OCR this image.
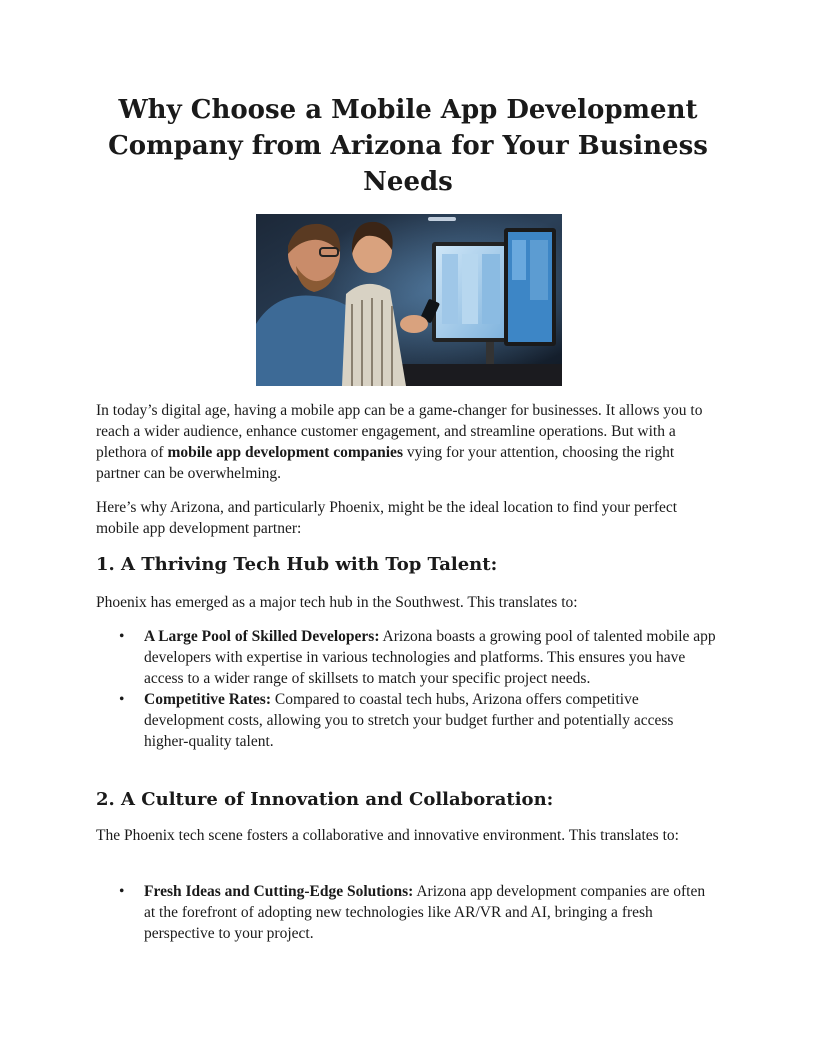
Why Choose a Mobile App Development Company from Arizona for Your Business Needs

In today’s digital age, having a mobile app can be a game-changer for businesses. It allows you to reach a wider audience, enhance customer engagement, and streamline operations. But with a plethora of mobile app development companies vying for your attention, choosing the right partner can be overwhelming.

Here’s why Arizona, and particularly Phoenix, might be the ideal location to find your perfect mobile app development partner:

1. A Thriving Tech Hub with Top Talent:

Phoenix has emerged as a major tech hub in the Southwest. This translates to:

• A Large Pool of Skilled Developers: Arizona boasts a growing pool of talented mobile app developers with expertise in various technologies and platforms. This ensures you have access to a wider range of skillsets to match your specific project needs.
• Competitive Rates: Compared to coastal tech hubs, Arizona offers competitive development costs, allowing you to stretch your budget further and potentially access higher-quality talent.
2. A Culture of Innovation and Collaboration:

The Phoenix tech scene fosters a collaborative and innovative environment. This translates to:

• Fresh Ideas and Cutting-Edge Solutions: Arizona app development companies are often at the forefront of adopting new technologies like AR/VR and AI, bringing a fresh perspective to your project.
